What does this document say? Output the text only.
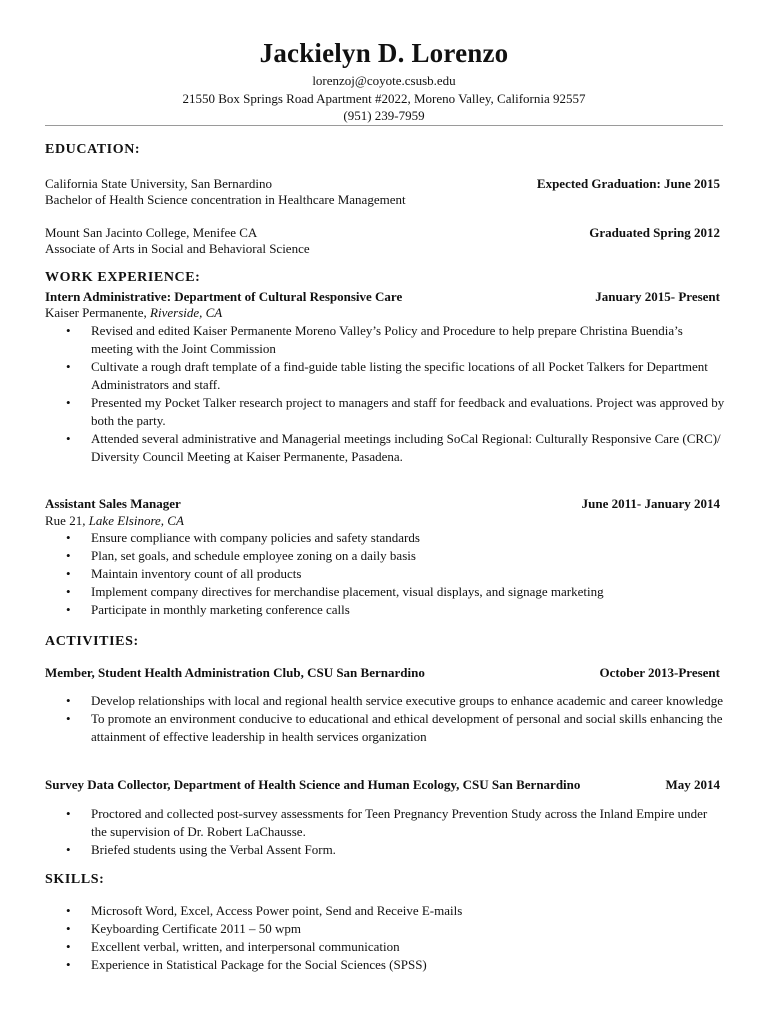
Jackielyn D. Lorenzo
lorenzoj@coyote.csusb.edu
21550 Box Springs Road Apartment #2022, Moreno Valley, California 92557
(951) 239-7959
EDUCATION:
California State University, San Bernardino	Expected Graduation: June 2015
Bachelor of Health Science concentration in Healthcare Management
Mount San Jacinto College, Menifee CA	Graduated Spring 2012
Associate of Arts in Social and Behavioral Science
WORK EXPERIENCE:
Intern Administrative: Department of Cultural Responsive Care	January 2015- Present
Kaiser Permanente, Riverside, CA
• Revised and edited Kaiser Permanente Moreno Valley’s Policy and Procedure to help prepare Christina Buendia’s meeting with the Joint Commission
• Cultivate a rough draft template of a find-guide table listing the specific locations of all Pocket Talkers for Department Administrators and staff.
• Presented my Pocket Talker research project to managers and staff for feedback and evaluations. Project was approved by both the party.
• Attended several administrative and Managerial meetings including SoCal Regional: Culturally Responsive Care (CRC)/ Diversity Council Meeting at Kaiser Permanente, Pasadena.
Assistant Sales Manager	June 2011- January 2014
Rue 21, Lake Elsinore, CA
• Ensure compliance with company policies and safety standards
• Plan, set goals, and schedule employee zoning on a daily basis
• Maintain inventory count of all products
• Implement company directives for merchandise placement, visual displays, and signage marketing
• Participate in monthly marketing conference calls
ACTIVITIES:
Member, Student Health Administration Club, CSU San Bernardino	October 2013-Present
• Develop relationships with local and regional health service executive groups to enhance academic and career knowledge
• To promote an environment conducive to educational and ethical development of personal and social skills enhancing the attainment of effective leadership in health services organization
Survey Data Collector, Department of Health Science and Human Ecology, CSU San Bernardino	May 2014
• Proctored and collected post-survey assessments for Teen Pregnancy Prevention Study across the Inland Empire under the supervision of Dr. Robert LaChausse.
• Briefed students using the Verbal Assent Form.
SKILLS:
• Microsoft Word, Excel, Access Power point, Send and Receive E-mails
• Keyboarding Certificate 2011 – 50 wpm
• Excellent verbal, written, and interpersonal communication
• Experience in Statistical Package for the Social Sciences (SPSS)
